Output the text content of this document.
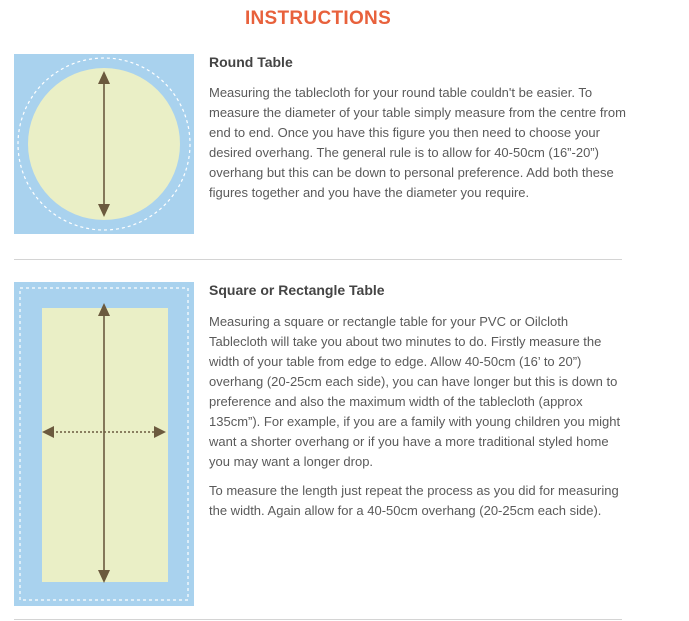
INSTRUCTIONS
Round Table

Measuring the tablecloth for your round table couldn't be easier. To measure the diameter of your table simply measure from the centre from end to end. Once you have this figure you then need to choose your desired overhang. The general rule is to allow for 40-50cm (16”-20”) overhang but this can be down to personal preference. Add both these figures together and you have the diameter you require.

Square or Rectangle Table

Measuring a square or rectangle table for your PVC or Oilcloth Tablecloth will take you about two minutes to do. Firstly measure the width of your table from edge to edge. Allow 40-50cm (16’ to 20”) overhang (20-25cm each side), you can have longer but this is down to preference and also the maximum width of the tablecloth (approx 135cm”). For example, if you are a family with young children you might want a shorter overhang or if you have a more traditional styled home you may want a longer drop.

To measure the length just repeat the process as you did for measuring the width. Again allow for a 40-50cm overhang (20-25cm each side).
